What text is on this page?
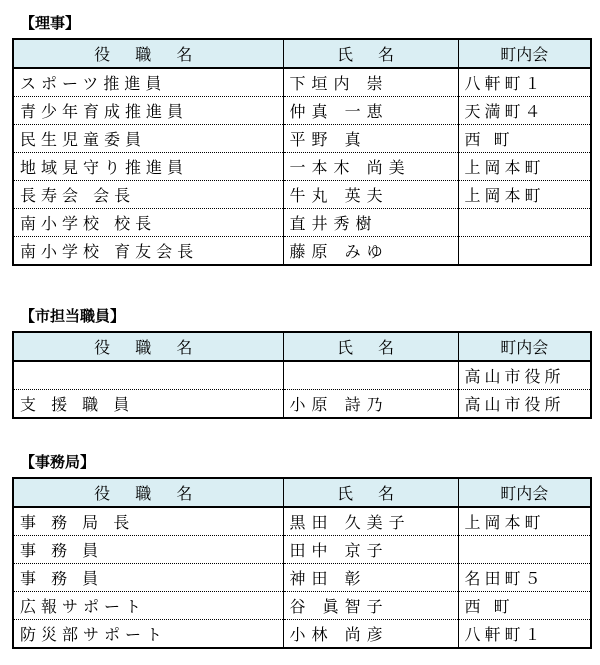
【理事】
役 職 名	氏 名	町内会
スポーツ推進員	下垣内 崇	八軒町１
青少年育成推進員	仲真 一恵	天満町４
民生児童委員	平野 真	西 町
地域見守り推進員	一本木 尚美	上岡本町
長寿会 会長	牛丸 英夫	上岡本町
南小学校 校長	直井秀樹	
南小学校 育友会長	藤原 みゆ	
【市担当職員】
役 職 名	氏 名	町内会
		高山市役所
支 援 職 員	小原 詩乃	高山市役所
【事務局】
役 職 名	氏 名	町内会
事 務 局 長	黒田 久美子	上岡本町
事 務 員	田中 京子	
事 務 員	神田 彰	名田町５
広報サポート	谷 眞智子	西 町
防災部サポート	小林 尚彦	八軒町１
